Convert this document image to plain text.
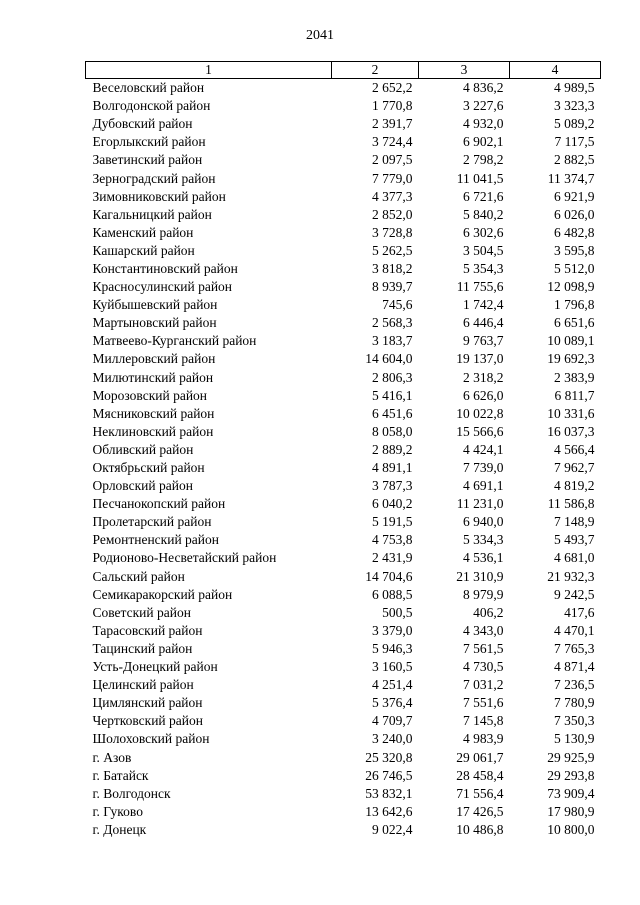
2041
1	2	3	4
Веселовский район	2 652,2	4 836,2	4 989,5
Волгодонской район	1 770,8	3 227,6	3 323,3
Дубовский район	2 391,7	4 932,0	5 089,2
Егорлыкский район	3 724,4	6 902,1	7 117,5
Заветинский район	2 097,5	2 798,2	2 882,5
Зерноградский район	7 779,0	11 041,5	11 374,7
Зимовниковский район	4 377,3	6 721,6	6 921,9
Кагальницкий район	2 852,0	5 840,2	6 026,0
Каменский район	3 728,8	6 302,6	6 482,8
Кашарский район	5 262,5	3 504,5	3 595,8
Константиновский район	3 818,2	5 354,3	5 512,0
Красносулинский район	8 939,7	11 755,6	12 098,9
Куйбышевский район	745,6	1 742,4	1 796,8
Мартыновский район	2 568,3	6 446,4	6 651,6
Матвеево-Курганский район	3 183,7	9 763,7	10 089,1
Миллеровский район	14 604,0	19 137,0	19 692,3
Милютинский район	2 806,3	2 318,2	2 383,9
Морозовский район	5 416,1	6 626,0	6 811,7
Мясниковский район	6 451,6	10 022,8	10 331,6
Неклиновский район	8 058,0	15 566,6	16 037,3
Обливский район	2 889,2	4 424,1	4 566,4
Октябрьский район	4 891,1	7 739,0	7 962,7
Орловский район	3 787,3	4 691,1	4 819,2
Песчанокопский район	6 040,2	11 231,0	11 586,8
Пролетарский район	5 191,5	6 940,0	7 148,9
Ремонтненский район	4 753,8	5 334,3	5 493,7
Родионово-Несветайский район	2 431,9	4 536,1	4 681,0
Сальский район	14 704,6	21 310,9	21 932,3
Семикаракорский район	6 088,5	8 979,9	9 242,5
Советский район	500,5	406,2	417,6
Тарасовский район	3 379,0	4 343,0	4 470,1
Тацинский район	5 946,3	7 561,5	7 765,3
Усть-Донецкий район	3 160,5	4 730,5	4 871,4
Целинский район	4 251,4	7 031,2	7 236,5
Цимлянский район	5 376,4	7 551,6	7 780,9
Чертковский район	4 709,7	7 145,8	7 350,3
Шолоховский район	3 240,0	4 983,9	5 130,9
г. Азов	25 320,8	29 061,7	29 925,9
г. Батайск	26 746,5	28 458,4	29 293,8
г. Волгодонск	53 832,1	71 556,4	73 909,4
г. Гуково	13 642,6	17 426,5	17 980,9
г. Донецк	9 022,4	10 486,8	10 800,0
